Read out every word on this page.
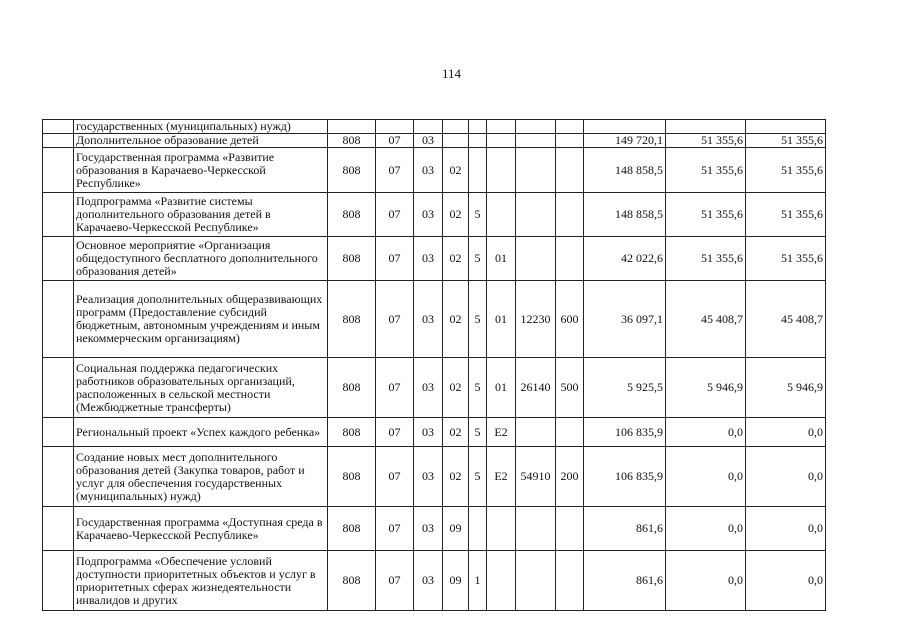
114
	государственных (муниципальных) нужд)											
	Дополнительное образование детей	808	07	03						149 720,1	51 355,6	51 355,6
	Государственная программа «Развитие образования в Карачаево-Черкесской Республике»	808	07	03	02					148 858,5	51 355,6	51 355,6
	Подпрограмма «Развитие системы дополнительного образования детей в Карачаево-Черкесской Республике»	808	07	03	02	5				148 858,5	51 355,6	51 355,6
	Основное мероприятие «Организация общедоступного бесплатного дополнительного образования детей»	808	07	03	02	5	01			42 022,6	51 355,6	51 355,6
	Реализация дополнительных общеразвивающих программ (Предоставление субсидий бюджетным, автономным учреждениям и иным некоммерческим организациям)	808	07	03	02	5	01	12230	600	36 097,1	45 408,7	45 408,7
	Социальная поддержка педагогических работников образовательных организаций, расположенных в сельской местности (Межбюджетные трансферты)	808	07	03	02	5	01	26140	500	5 925,5	5 946,9	5 946,9
	Региональный проект «Успех каждого ребенка»	808	07	03	02	5	E2			106 835,9	0,0	0,0
	Создание новых мест дополнительного образования детей (Закупка товаров, работ и услуг для обеспечения государственных (муниципальных) нужд)	808	07	03	02	5	E2	54910	200	106 835,9	0,0	0,0
	Государственная программа «Доступная среда в Карачаево-Черкесской Республике»	808	07	03	09					861,6	0,0	0,0
	Подпрограмма «Обеспечение условий доступности приоритетных объектов и услуг в приоритетных сферах жизнедеятельности инвалидов и других	808	07	03	09	1				861,6	0,0	0,0
